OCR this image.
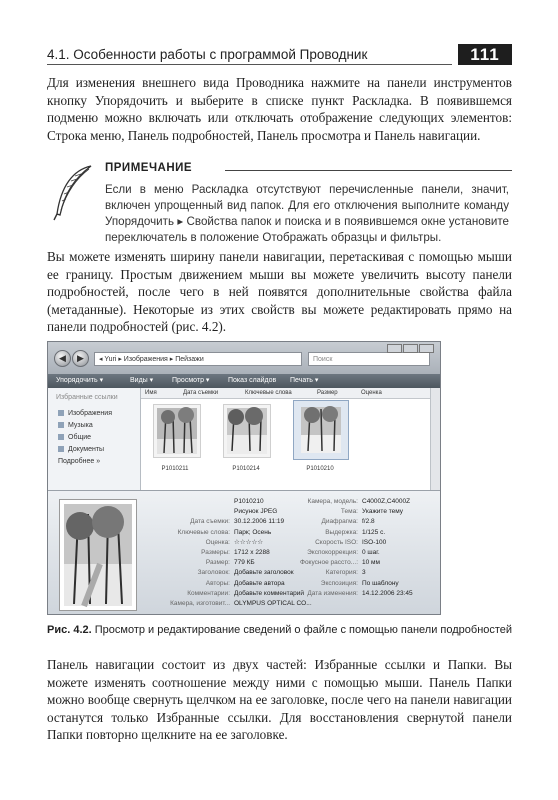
4.1. Особенности работы с программой Проводник	111

Для изменения внешнего вида Проводника нажмите на панели инструментов кнопку Упорядочить и выберите в списке пункт Раскладка. В появившемся подменю можно включать или отключать отображение следующих элементов: Строка меню, Панель подробностей, Панель просмотра и Панель навигации.

ПРИМЕЧАНИЕ
Если в меню Раскладка отсутствуют перечисленные панели, значит, включен упрощенный вид папок. Для его отключения выполните команду Упорядочить ▸ Свойства папок и поиска и в появившемся окне установите переключатель в положение Отображать образцы и фильтры.

Вы можете изменять ширину панели навигации, перетаскивая с помощью мыши ее границу. Простым движением мыши вы можете увеличить высоту панели подробностей, после чего в ней появятся дополнительные свойства файла (метаданные). Некоторые из этих свойств вы можете редактировать прямо на панели подробностей (рис. 4.2).

◀	▶	◂ Yuri ▸ Изображения ▸ Пейзажи	Поиск
Упорядочить ▾	Виды ▾	Просмотр ▾	Показ слайдов Печать ▾
Избранные ссылки
Изображения
Музыка
Общие
Документы
Подробнее »
Имя	Дата съемки	Ключевые слова	Размер	Оценка
P1010211	P1010214	P1010210
P1010210
Рисунок JPEG
Дата съемки: 30.12.2006 11:19
Ключевые слова: Парк; Осень
Оценка: ☆☆☆☆☆
Размеры: 1712 x 2288
Размер: 779 КБ
Заголовок: Добавьте заголовок
Авторы: Добавьте автора
Комментарии: Добавьте комментарий
Камера, изготовит... OLYMPUS OPTICAL CO...
Камера, модель: C4000Z,C4000Z
Тема: Укажите тему
Диафрагма: f/2.8
Выдержка: 1/125 с.
Скорость ISO: ISO-100
Экспокоррекция: 0 шаг.
Фокусное рассто...: 10 мм
Категория: 3
Экспозиция: По шаблону
Дата изменения: 14.12.2006 23:45
Рис. 4.2. Просмотр и редактирование сведений о файле с помощью панели подробностей

Панель навигации состоит из двух частей: Избранные ссылки и Папки. Вы можете изменять соотношение между ними с помощью мыши. Панель Папки можно вообще свернуть щелчком на ее заголовке, после чего на панели навигации останутся только Избранные ссылки. Для восстановления свернутой панели Папки повторно щелкните на ее заголовке.
